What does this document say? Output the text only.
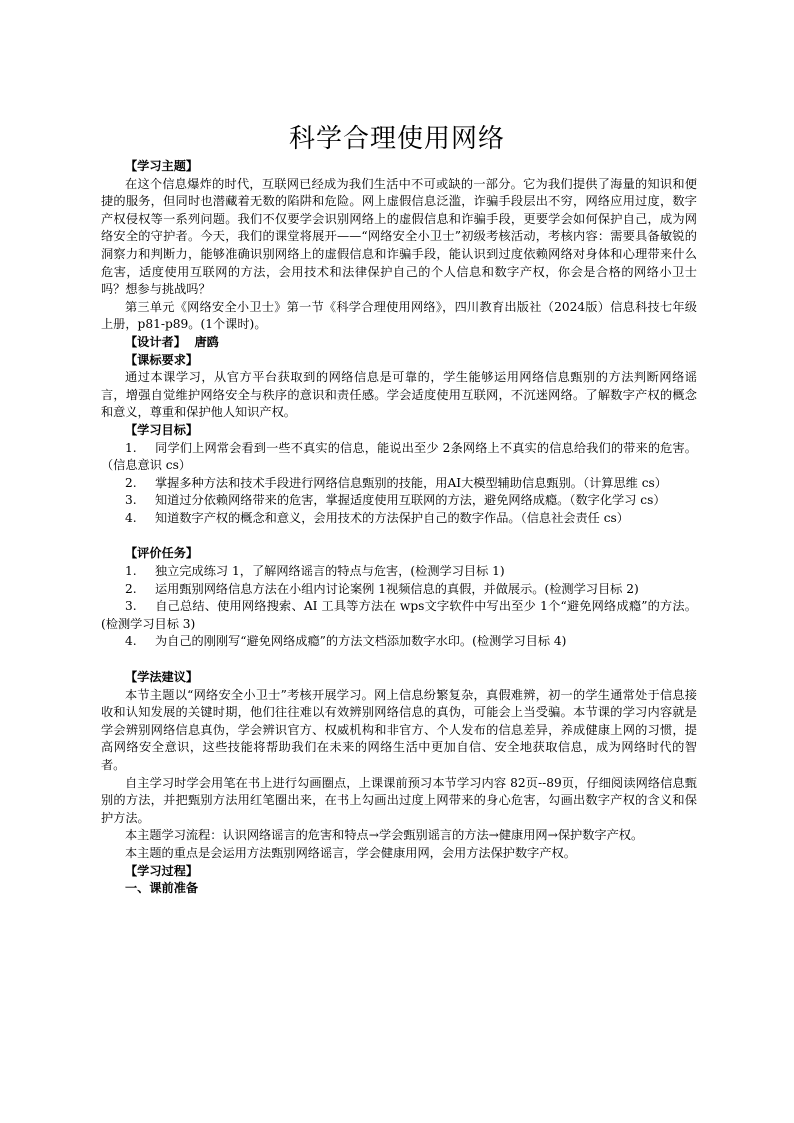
科学合理使用网络

【学习主题】

在这个信息爆炸的时代，互联网已经成为我们生活中不可或缺的一部分。它为我们提供了海量的知识和便捷的服务，但同时也潜藏着无数的陷阱和危险。网上虚假信息泛滥，诈骗手段层出不穷，网络应用过度，数字产权侵权等一系列问题。我们不仅要学会识别网络上的虚假信息和诈骗手段，更要学会如何保护自己，成为网络安全的守护者。今天，我们的课堂将展开——“网络安全小卫士”初级考核活动，考核内容：需要具备敏锐的洞察力和判断力，能够准确识别网络上的虚假信息和诈骗手段，能认识到过度依赖网络对身体和心理带来什么危害，适度使用互联网的方法，会用技术和法律保护自己的个人信息和数字产权，你会是合格的网络小卫士吗？想参与挑战吗？

第三单元《网络安全小卫士》第一节《科学合理使用网络》，四川教育出版社（2024版）信息科技七年级上册，p81-p89。(1个课时)。

【设计者】 唐鸥

【课标要求】

通过本课学习，从官方平台获取到的网络信息是可靠的，学生能够运用网络信息甄别的方法判断网络谣言，增强自觉维护网络安全与秩序的意识和责任感。学会适度使用互联网，不沉迷网络。了解数字产权的概念和意义，尊重和保护他人知识产权。

【学习目标】

1. 同学们上网常会看到一些不真实的信息，能说出至少 2条网络上不真实的信息给我们的带来的危害。（信息意识 cs）

2. 掌握多种方法和技术手段进行网络信息甄别的技能，用AI大模型辅助信息甄别。（计算思维 cs）

3. 知道过分依赖网络带来的危害，掌握适度使用互联网的方法，避免网络成瘾。（数字化学习 cs）

4. 知道数字产权的概念和意义，会用技术的方法保护自己的数字作品。（信息社会责任 cs）

【评价任务】

1. 独立完成练习 1，了解网络谣言的特点与危害，(检测学习目标 1)

2. 运用甄别网络信息方法在小组内讨论案例 1视频信息的真假，并做展示。(检测学习目标 2)

3. 自己总结、使用网络搜索、AI 工具等方法在 wps文字软件中写出至少 1个“避免网络成瘾”的方法。(检测学习目标 3)

4. 为自己的刚刚写“避免网络成瘾”的方法文档添加数字水印。(检测学习目标 4)

【学法建议】

本节主题以“网络安全小卫士”考核开展学习。网上信息纷繁复杂，真假难辨，初一的学生通常处于信息接收和认知发展的关键时期，他们往往难以有效辨别网络信息的真伪，可能会上当受骗。本节课的学习内容就是学会辨别网络信息真伪，学会辨识官方、权威机构和非官方、个人发布的信息差异，养成健康上网的习惯，提高网络安全意识，这些技能将帮助我们在未来的网络生活中更加自信、安全地获取信息，成为网络时代的智者。

自主学习时学会用笔在书上进行勾画圈点，上课课前预习本节学习内容 82页--89页，仔细阅读网络信息甄别的方法，并把甄别方法用红笔圈出来，在书上勾画出过度上网带来的身心危害，勾画出数字产权的含义和保护方法。

本主题学习流程：认识网络谣言的危害和特点→学会甄别谣言的方法→健康用网→保护数字产权。

本主题的重点是会运用方法甄别网络谣言，学会健康用网，会用方法保护数字产权。

【学习过程】

一、课前准备
